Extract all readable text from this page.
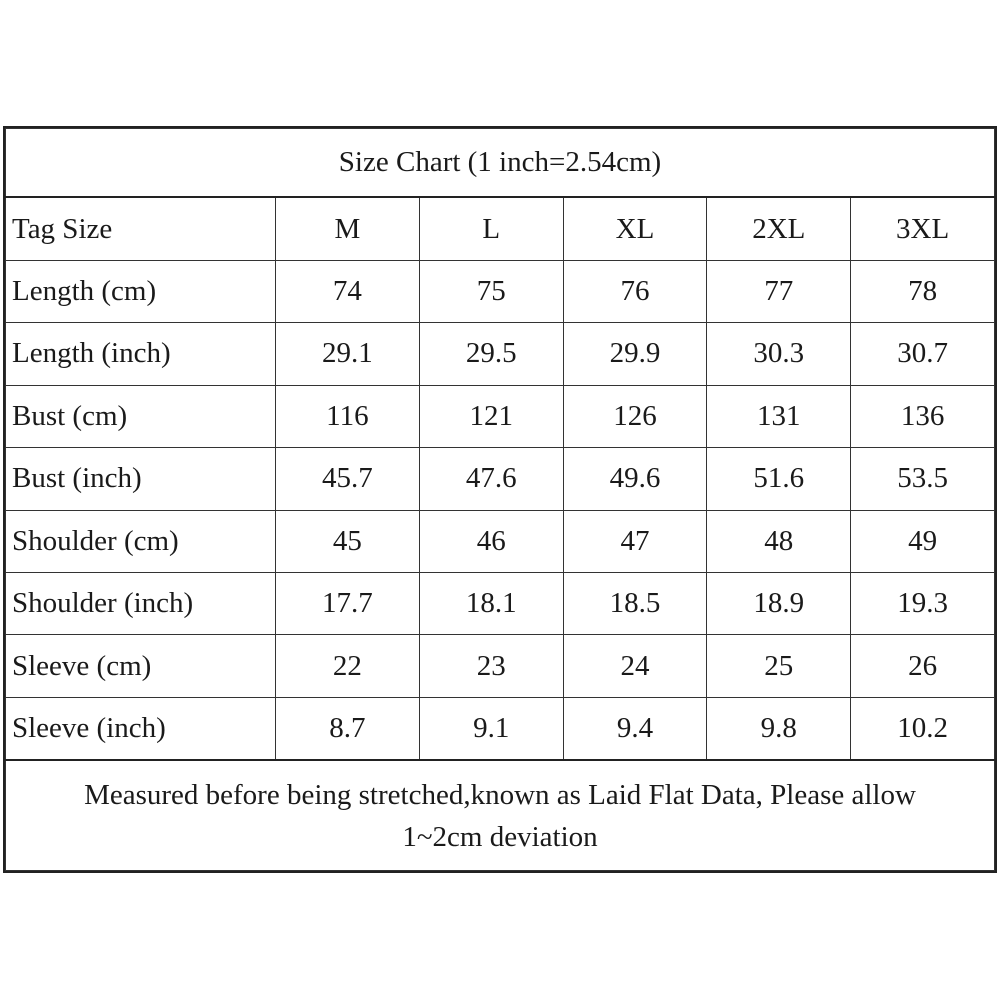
Size Chart (1 inch=2.54cm)					
Tag Size	M	L	XL	2XL	3XL
Length (cm)	74	75	76	77	78
Length (inch)	29.1	29.5	29.9	30.3	30.7
Bust (cm)	116	121	126	131	136
Bust (inch)	45.7	47.6	49.6	51.6	53.5
Shoulder (cm)	45	46	47	48	49
Shoulder (inch)	17.7	18.1	18.5	18.9	19.3
Sleeve (cm)	22	23	24	25	26
Sleeve (inch)	8.7	9.1	9.4	9.8	10.2
Measured before being stretched,known as Laid Flat Data, Please allow
1~2cm deviation					
